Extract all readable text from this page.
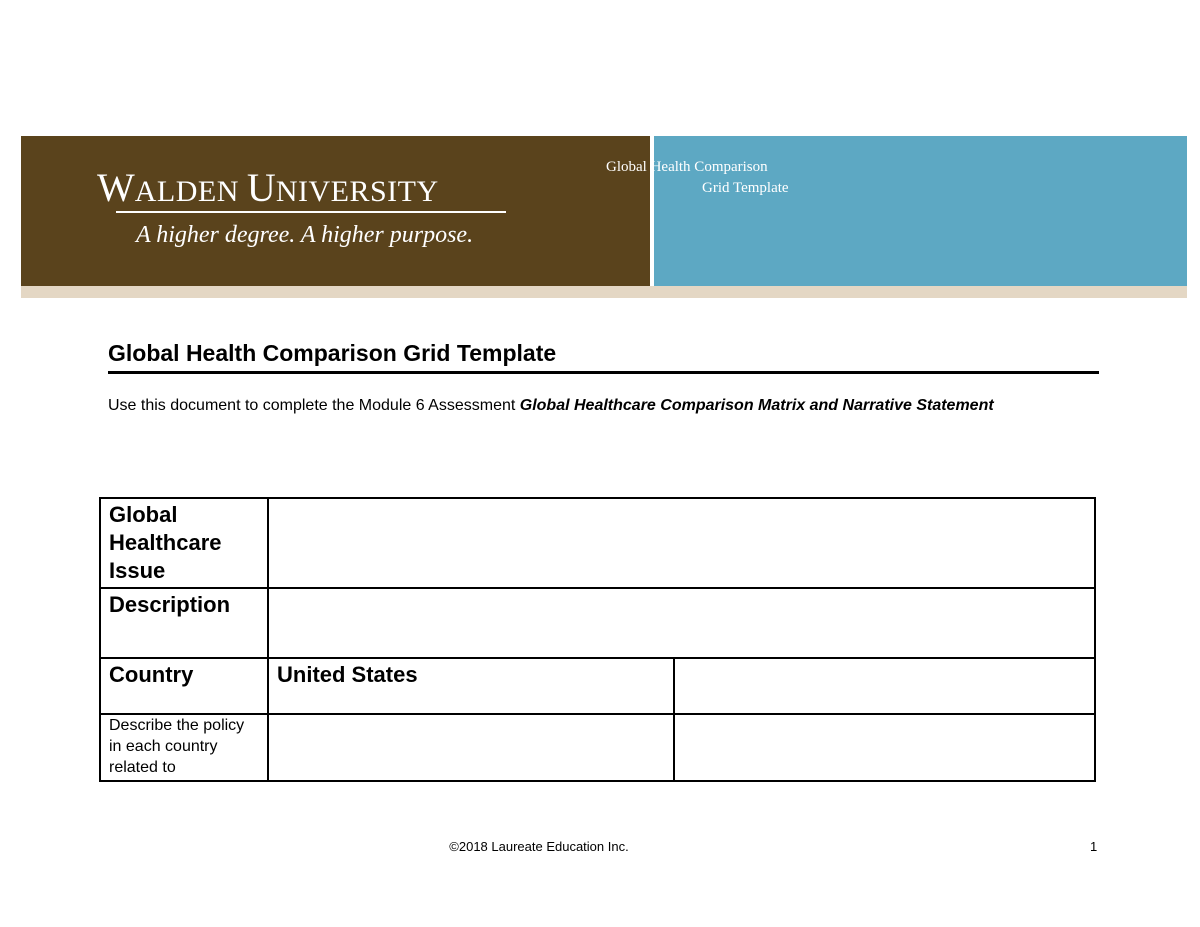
WALDEN UNIVERSITY
A higher degree. A higher purpose.
Global Health Comparison
Grid Template
Global Health Comparison Grid Template

Use this document to complete the Module 6 Assessment Global Healthcare Comparison Matrix and Narrative Statement

Global Healthcare Issue		
Description		
Country	United States	
Describe the policy in each country related to		
©2018 Laureate Education Inc.	1
